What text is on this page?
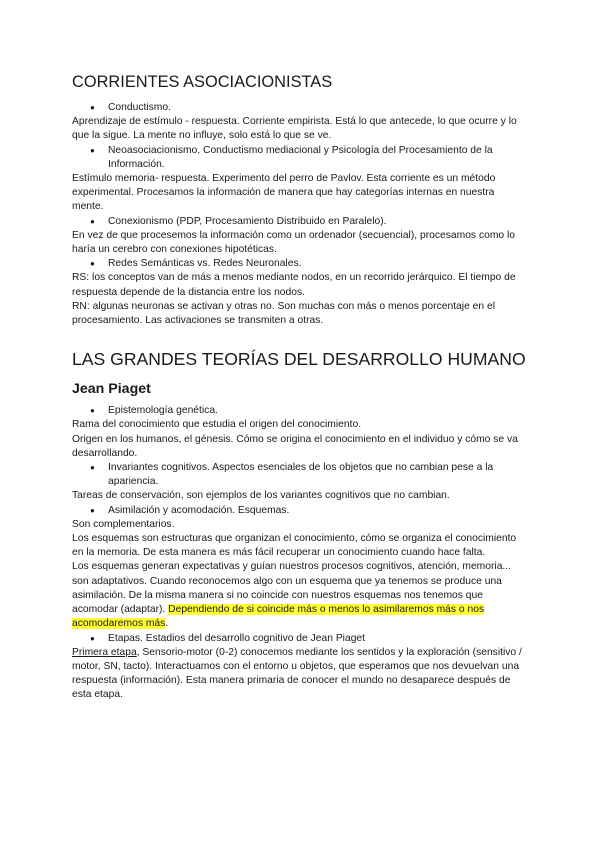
CORRIENTES ASOCIACIONISTAS
● Conductismo.

Aprendizaje de estímulo - respuesta. Corriente empirista. Está lo que antecede, lo que ocurre y lo que la sigue. La mente no influye, solo está lo que se ve.

● Neoasociacionismo. Conductismo mediacional y Psicología del Procesamiento de la Información.

Estímulo memoria- respuesta. Experimento del perro de Pavlov. Esta corriente es un método experimental. Procesamos la información de manera que hay categorías internas en nuestra mente.

● Conexionismo (PDP, Procesamiento Distribuido en Paralelo).

En vez de que procesemos la información como un ordenador (secuencial), procesamos como lo haría un cerebro con conexiones hipotéticas.

● Redes Semánticas vs. Redes Neuronales.

RS: los conceptos van de más a menos mediante nodos, en un recorrido jerárquico. El tiempo de respuesta depende de la distancia entre los nodos.

RN: algunas neuronas se activan y otras no. Son muchas con más o menos porcentaje en el procesamiento. Las activaciones se transmiten a otras.

LAS GRANDES TEORÍAS DEL DESARROLLO HUMANO
Jean Piaget
● Epistemología genética.

Rama del conocimiento que estudia el origen del conocimiento.

Origen en los humanos, el génesis. Cómo se origina el conocimiento en el individuo y cómo se va desarrollando.

● Invariantes cognitivos. Aspectos esenciales de los objetos que no cambian pese a la apariencia.

Tareas de conservación, son ejemplos de los variantes cognitivos que no cambian.

● Asimilación y acomodación. Esquemas.

Son complementarios.

Los esquemas son estructuras que organizan el conocimiento, cómo se organiza el conocimiento en la memoria. De esta manera es más fácil recuperar un conocimiento cuando hace falta.

Los esquemas generan expectativas y guían nuestros procesos cognitivos, atención, memoria... son adaptativos. Cuando reconocemos algo con un esquema que ya tenemos se produce una asimilación. De la misma manera si no coincide con nuestros esquemas nos tenemos que acomodar (adaptar). Dependiendo de si coincide más o menos lo asimilaremos más o nos acomodaremos más.

● Etapas. Estadios del desarrollo cognitivo de Jean Piaget

Primera etapa, Sensorio-motor (0-2) conocemos mediante los sentidos y la exploración (sensitivo / motor, SN, tacto). Interactuamos con el entorno u objetos, que esperamos que nos devuelvan una respuesta (información). Esta manera primaria de conocer el mundo no desaparece después de esta etapa.
